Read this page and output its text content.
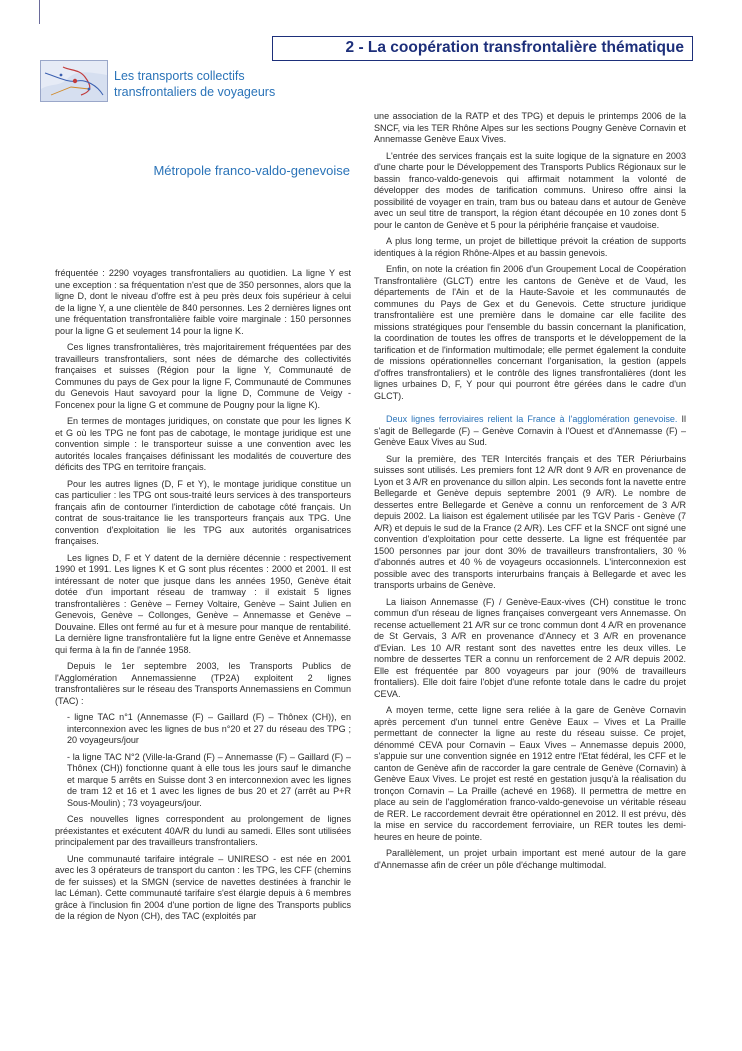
2 - La coopération transfrontalière thématique
Les transports collectifs
transfrontaliers de voyageurs
Métropole franco-valdo-genevoise

fréquentée : 2290 voyages transfrontaliers au quotidien. La ligne Y est une exception : sa fréquentation n'est que de 350 personnes, alors que la ligne D, dont le niveau d'offre est à peu près deux fois supérieur à celui de la ligne Y, a une clientèle de 840 personnes. Les 2 dernières lignes ont une fréquentation transfrontalière faible voire marginale : 150 personnes pour la ligne G et seulement 14 pour la ligne K.

Ces lignes transfrontalières, très majoritairement fréquentées par des travailleurs transfrontaliers, sont nées de démarche des collectivités françaises et suisses (Région pour la ligne Y, Communauté de Communes du pays de Gex pour la ligne F, Communauté de Communes du Genevois Haut savoyard pour la ligne D, Commune de Veigy - Foncenex pour la ligne G et commune de Pougny pour la ligne K).

En termes de montages juridiques, on constate que pour les lignes K et G où les TPG ne font pas de cabotage, le montage juridique est une convention simple : le transporteur suisse a une convention avec les autorités locales françaises définissant les modalités de couverture des déficits des TPG en territoire français.

Pour les autres lignes (D, F et Y), le montage juridique constitue un cas particulier : les TPG ont sous-traité leurs services à des transporteurs français afin de contourner l'interdiction de cabotage côté français. Un contrat de sous-traitance lie les transporteurs français aux TPG. Une convention d'exploitation lie les TPG aux autorités organisatrices françaises.

Les lignes D, F et Y datent de la dernière décennie : respectivement 1990 et 1991. Les lignes K et G sont plus récentes : 2000 et 2001. Il est intéressant de noter que jusque dans les années 1950, Genève était dotée d'un important réseau de tramway : il existait 5 lignes transfrontalières : Genève – Ferney Voltaire, Genève – Saint Julien en Genevois, Genève – Collonges, Genève – Annemasse et Genève – Douvaine. Elles ont fermé au fur et à mesure pour manque de rentabilité. La dernière ligne transfrontalière fut la ligne entre Genève et Annemasse qui ferma à la fin de l'année 1958.

Depuis le 1er septembre 2003, les Transports Publics de l'Agglomération Annemassienne (TP2A) exploitent 2 lignes transfrontalières sur le réseau des Transports Annemassiens en Commun (TAC) :

- ligne TAC n°1 (Annemasse (F) – Gaillard (F) – Thônex (CH)), en interconnexion avec les lignes de bus n°20 et 27 du réseau des TPG ; 20 voyageurs/jour

- la ligne TAC N°2 (Ville-la-Grand (F) – Annemasse (F) – Gaillard (F) – Thônex (CH)) fonctionne quant à elle tous les jours sauf le dimanche et marque 5 arrêts en Suisse dont 3 en interconnexion avec les lignes de tram 12 et 16 et 1 avec les lignes de bus 20 et 27 (arrêt au P+R Sous-Moulin) ; 73 voyageurs/jour.

Ces nouvelles lignes correspondent au prolongement de lignes préexistantes et exécutent 40A/R du lundi au samedi. Elles sont utilisées principalement par des travailleurs transfrontaliers.

Une communauté tarifaire intégrale – UNIRESO - est née en 2001 avec les 3 opérateurs de transport du canton : les TPG, les CFF (chemins de fer suisses) et la SMGN (service de navettes destinées à franchir le lac Léman). Cette communauté tarifaire s'est élargie depuis à 6 membres grâce à l'inclusion fin 2004 d'une portion de ligne des Transports publics de la région de Nyon (CH), des TAC (exploités par

une association de la RATP et des TPG) et depuis le printemps 2006 de la SNCF, via les TER Rhône Alpes sur les sections Pougny Genève Cornavin et Annemasse Genève Eaux Vives.

L'entrée des services français est la suite logique de la signature en 2003 d'une charte pour le Développement des Transports Publics Régionaux sur le bassin franco-valdo-genevois qui affirmait notamment la volonté de développer des modes de tarification communs. Unireso offre ainsi la possibilité de voyager en train, tram bus ou bateau dans et autour de Genève avec un seul titre de transport, la région étant découpée en 10 zones dont 5 pour le canton de Genève et 5 pour la périphérie française et vaudoise.

A plus long terme, un projet de billettique prévoit la création de supports identiques à la région Rhône-Alpes et au bassin genevois.

Enfin, on note la création fin 2006 d'un Groupement Local de Coopération Transfrontalière (GLCT) entre les cantons de Genève et de Vaud, les départements de l'Ain et de la Haute-Savoie et les communautés de communes du Pays de Gex et du Genevois. Cette structure juridique transfrontalière est une première dans le domaine car elle facilite des missions stratégiques pour l'ensemble du bassin concernant la planification, la coordination de toutes les offres de transports et le développement de la tarification et de l'information multimodale; elle permet également la conduite de missions opérationnelles concernant l'organisation, la gestion (appels d'offres transfrontaliers) et le contrôle des lignes transfrontalières (dont les lignes urbaines D, F, Y pour qui pourront être gérées dans le cadre d'un GLCT).

Deux lignes ferroviaires relient la France à l'agglomération genevoise. Il s'agit de Bellegarde (F) – Genève Cornavin à l'Ouest et d'Annemasse (F) – Genève Eaux Vives au Sud.

Sur la première, des TER Intercités français et des TER Périurbains suisses sont utilisés. Les premiers font 12 A/R dont 9 A/R en provenance de Lyon et 3 A/R en provenance du sillon alpin. Les seconds font la navette entre Bellegarde et Genève depuis septembre 2001 (9 A/R). Le nombre de dessertes entre Bellegarde et Genève a connu un renforcement de 3 A/R depuis 2002. La liaison est également utilisée par les TGV Paris - Genève (7 A/R) et depuis le sud de la France (2 A/R). Les CFF et la SNCF ont signé une convention d'exploitation pour cette desserte. La ligne est fréquentée par 1500 personnes par jour dont 30% de travailleurs transfrontaliers, 30 % d'abonnés autres et 40 % de voyageurs occasionnels. L'interconnexion est possible avec des transports interurbains français à Bellegarde et avec les transports urbains de Genève.

La liaison Annemasse (F) / Genève-Eaux-vives (CH) constitue le tronc commun d'un réseau de lignes françaises convergeant vers Annemasse. On recense actuellement 21 A/R sur ce tronc commun dont 4 A/R en provenance de St Gervais, 3 A/R en provenance d'Annecy et 3 A/R en provenance d'Evian. Les 10 A/R restant sont des navettes entre les deux villes. Le nombre de dessertes TER a connu un renforcement de 2 A/R depuis 2002. Elle est fréquentée par 800 voyageurs par jour (90% de travailleurs frontaliers). Elle doit faire l'objet d'une refonte totale dans le cadre du projet CEVA.

A moyen terme, cette ligne sera reliée à la gare de Genève Cornavin après percement d'un tunnel entre Genève Eaux – Vives et La Praille permettant de connecter la ligne au reste du réseau suisse. Ce projet, dénommé CEVA pour Cornavin – Eaux Vives – Annemasse depuis 2000, s'appuie sur une convention signée en 1912 entre l'Etat fédéral, les CFF et le canton de Genève afin de raccorder la gare centrale de Genève (Cornavin) à Genève Eaux Vives. Le projet est resté en gestation jusqu'à la réalisation du tronçon Cornavin – La Praille (achevé en 1968). Il permettra de mettre en place au sein de l'agglomération franco-valdo-genevoise un véritable réseau de RER. Le raccordement devrait être opérationnel en 2012. Il est prévu, dès la mise en service du raccordement ferroviaire, un RER toutes les demi-heures en heure de pointe.

Parallèlement, un projet urbain important est mené autour de la gare d'Annemasse afin de créer un pôle d'échange multimodal.
